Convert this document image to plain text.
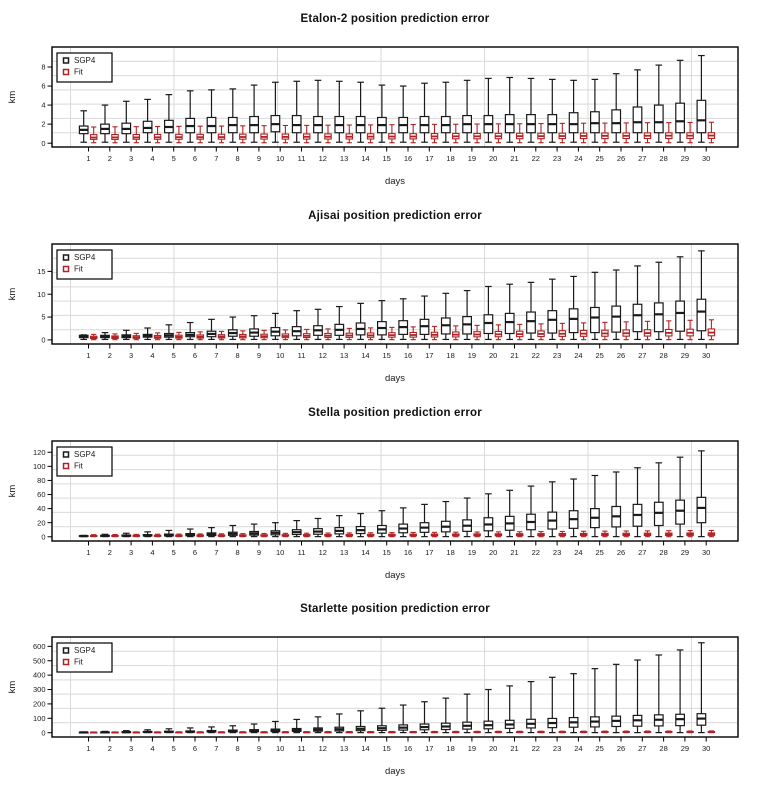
Etalon-2 position prediction error
0
2
4
6
8
km
1 2 3 4 5 6 7 8 9 10 11 12 13 14 15 16 17 18 19 20 21 22 23 24 25 26 27 28 29 30
days
SGP4
Fit
Ajisai position prediction error
0
5
10
15
km
1 2 3 4 5 6 7 8 9 10 11 12 13 14 15 16 17 18 19 20 21 22 23 24 25 26 27 28 29 30
days
SGP4
Fit
Stella position prediction error
0
20
40
60
80
100
120
km
1 2 3 4 5 6 7 8 9 10 11 12 13 14 15 16 17 18 19 20 21 22 23 24 25 26 27 28 29 30
days
SGP4
Fit
Starlette position prediction error
0
100
200
300
400
500
600
km
1 2 3 4 5 6 7 8 9 10 11 12 13 14 15 16 17 18 19 20 21 22 23 24 25 26 27 28 29 30
days
SGP4
Fit
